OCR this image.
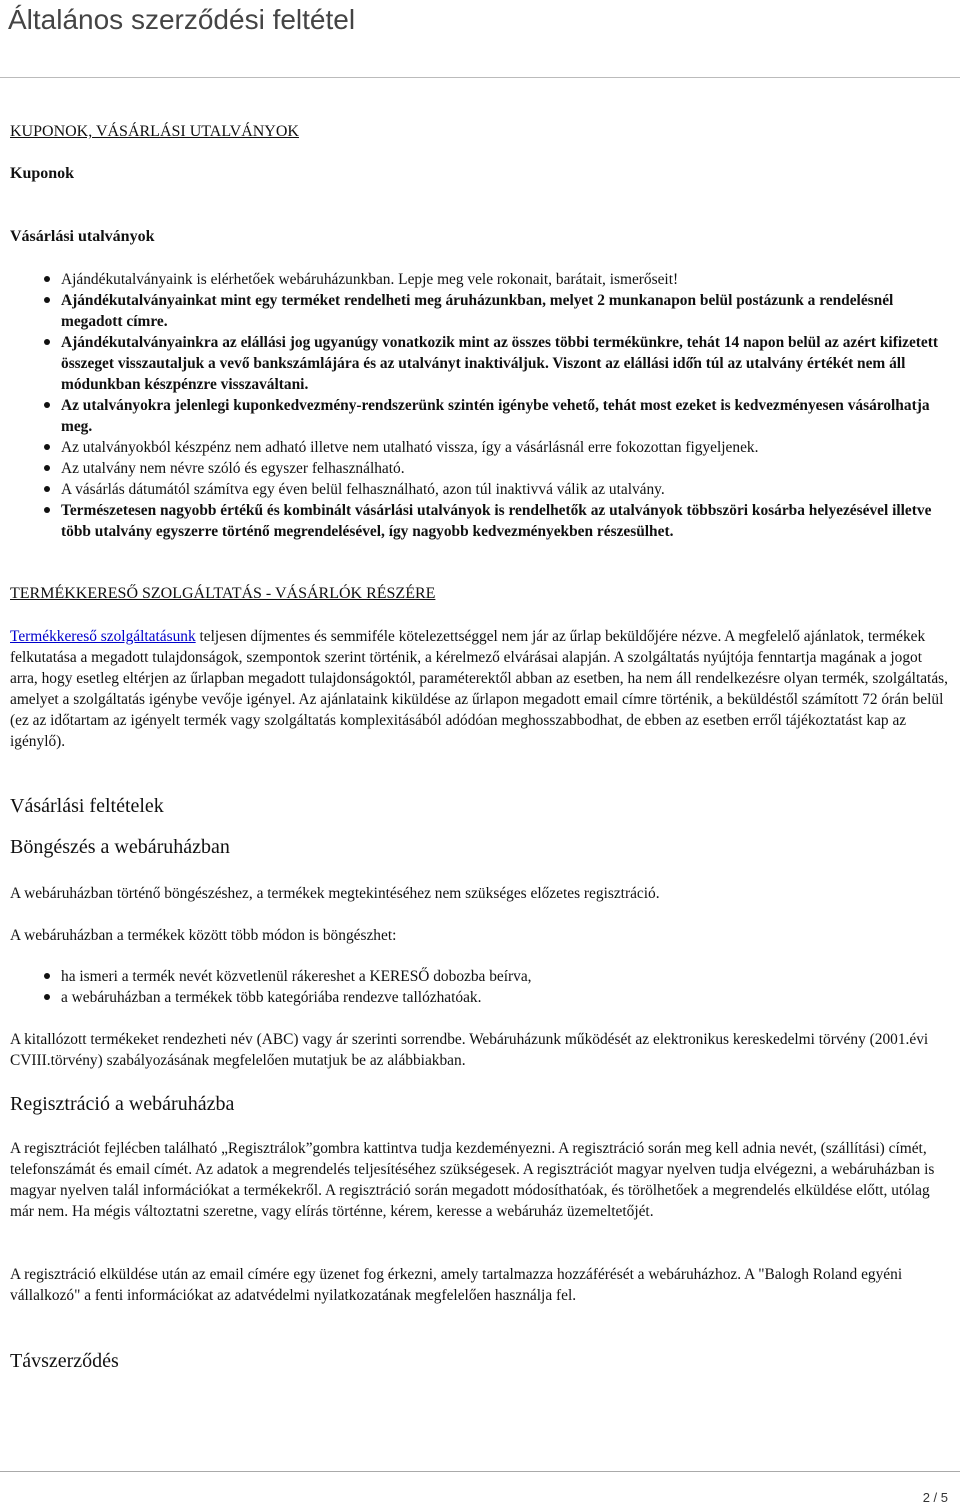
Általános szerződési feltétel

KUPONOK, VÁSÁRLÁSI UTALVÁNYOK

Kuponok

Vásárlási utalványok

Ajándékutalványaink is elérhetőek webáruházunkban. Lepje meg vele rokonait, barátait, ismerőseit!
Ajándékutalványainkat mint egy terméket rendelheti meg áruházunkban, melyet 2 munkanapon belül postázunk a rendelésnél megadott címre.
Ajándékutalványainkra az elállási jog ugyanúgy vonatkozik mint az összes többi termékünkre, tehát 14 napon belül az azért kifizetett összeget visszautaljuk a vevő bankszámlájára és az utalványt inaktiváljuk. Viszont az elállási idő̋n túl az utalvány értékét nem áll módunkban készpénzre visszaváltani.
Az utalványokra jelenlegi kuponkedvezmény-rendszerünk szintén igénybe vehető, tehát most ezeket is kedvezményesen vásárolhatja meg.
Az utalványokból készpénz nem adható illetve nem utalható vissza, így a vásárlásnál erre fokozottan figyeljenek.
Az utalvány nem névre szóló és egyszer felhasználható.
A vásárlás dátumától számítva egy éven belül felhasználható, azon túl inaktivvá válik az utalvány.
Természetesen nagyobb értékű és kombinált vásárlási utalványok is rendelhetők az utalványok többszöri kosárba helyezésével illetve több utalvány egyszerre történő megrendelésével, így nagyobb kedvezményekben részesülhet.

TERMÉKKERESŐ SZOLGÁLTATÁS - VÁSÁRLÓK RÉSZÉRE

Termékkereső szolgáltatásunk teljesen díjmentes és semmiféle kötelezettséggel nem jár az űrlap beküldőjére nézve. A megfelelő ajánlatok, termékek felkutatása a megadott tulajdonságok, szempontok szerint történik, a kérelmező elvárásai alapján. A szolgáltatás nyújtója fenntartja magának a jogot arra, hogy esetleg eltérjen az űrlapban megadott tulajdonságoktól, paraméterektől abban az esetben, ha nem áll rendelkezésre olyan termék, szolgáltatás, amelyet a szolgáltatás igénybe vevője igényel. Az ajánlataink kiküldése az űrlapon megadott email címre történik, a beküldéstől számított 72 órán belül (ez az időtartam az igényelt termék vagy szolgáltatás komplexitásából adódóan meghosszabbodhat, de ebben az esetben erről tájékoztatást kap az igénylő).

Vásárlási feltételek

Böngészés a webáruházban

A webáruházban történő böngészéshez, a termékek megtekintéséhez nem szükséges előzetes regisztráció.

A webáruházban a termékek között több módon is böngészhet:

ha ismeri a termék nevét közvetlenül rákereshet a KERESŐ dobozba beírva,
a webáruházban a termékek több kategóriába rendezve tallózhatóak.

A kitallózott termékeket rendezheti név (ABC) vagy ár szerinti sorrendbe. Webáruházunk működését az elektronikus kereskedelmi törvény (2001.évi CVIII.törvény) szabályozásának megfelelően mutatjuk be az alábbiakban.

Regisztráció a webáruházba

A regisztrációt fejlécben található „Regisztrálok”gombra kattintva tudja kezdeményezni. A regisztráció során meg kell adnia nevét, (szállítási) címét, telefonszámát és email címét. Az adatok a megrendelés teljesítéséhez szükségesek. A regisztrációt magyar nyelven tudja elvégezni, a webáruházban is magyar nyelven talál információkat a termékekről. A regisztráció során megadott módosíthatóak, és törölhetőek a megrendelés elküldése előtt, utólag már nem. Ha mégis változtatni szeretne, vagy elírás történne, kérem, keresse a webáruház üzemeltetőjét.

A regisztráció elküldése után az email címére egy üzenet fog érkezni, amely tartalmazza hozzáférését a webáruházhoz. A "Balogh Roland egyéni vállalkozó" a fenti információkat az adatvédelmi nyilatkozatának megfelelően használja fel.

Távszerződés

2 / 5
